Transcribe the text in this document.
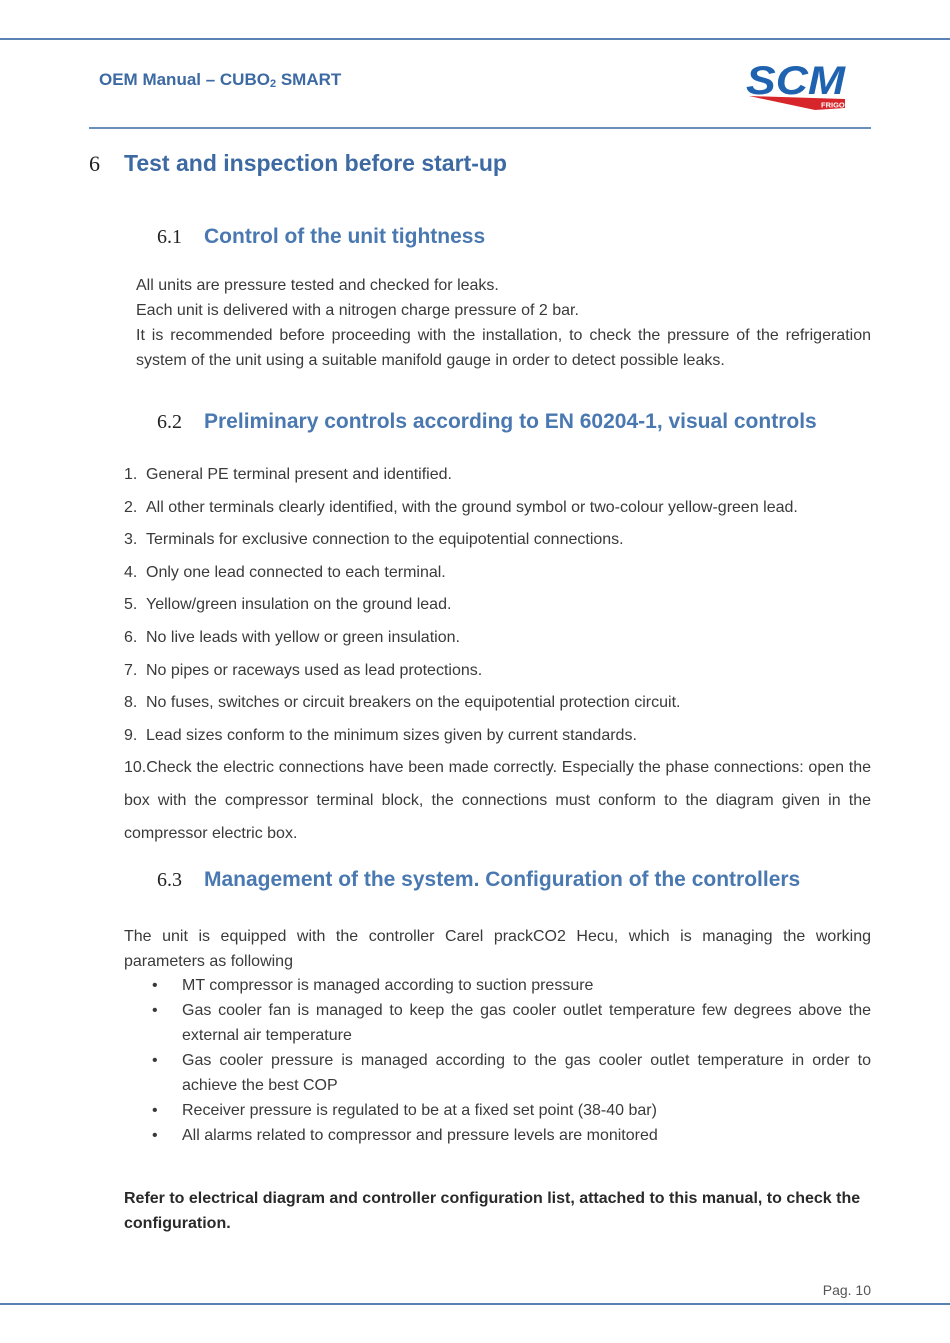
OEM Manual – CUBO2 SMART	SCM
FRIGO
6 Test and inspection before start-up
6.1 Control of the unit tightness
All units are pressure tested and checked for leaks.
Each unit is delivered with a nitrogen charge pressure of 2 bar.
It is recommended before proceeding with the installation, to check the pressure of the refrigeration system of the unit using a suitable manifold gauge in order to detect possible leaks.
6.2 Preliminary controls according to EN 60204-1, visual controls
1. General PE terminal present and identified.
2. All other terminals clearly identified, with the ground symbol or two-colour yellow-green lead.
3. Terminals for exclusive connection to the equipotential connections.
4. Only one lead connected to each terminal.
5. Yellow/green insulation on the ground lead.
6. No live leads with yellow or green insulation.
7. No pipes or raceways used as lead protections.
8. No fuses, switches or circuit breakers on the equipotential protection circuit.
9. Lead sizes conform to the minimum sizes given by current standards.
10.Check the electric connections have been made correctly. Especially the phase connections: open the box with the compressor terminal block, the connections must conform to the diagram given in the compressor electric box.
6.3 Management of the system. Configuration of the controllers
The unit is equipped with the controller Carel prackCO2 Hecu, which is managing the working parameters as following
• MT compressor is managed according to suction pressure
• Gas cooler fan is managed to keep the gas cooler outlet temperature few degrees above the external air temperature
• Gas cooler pressure is managed according to the gas cooler outlet temperature in order to achieve the best COP
• Receiver pressure is regulated to be at a fixed set point (38-40 bar)
• All alarms related to compressor and pressure levels are monitored
Refer to electrical diagram and controller configuration list, attached to this manual, to check the configuration.
Pag. 10
